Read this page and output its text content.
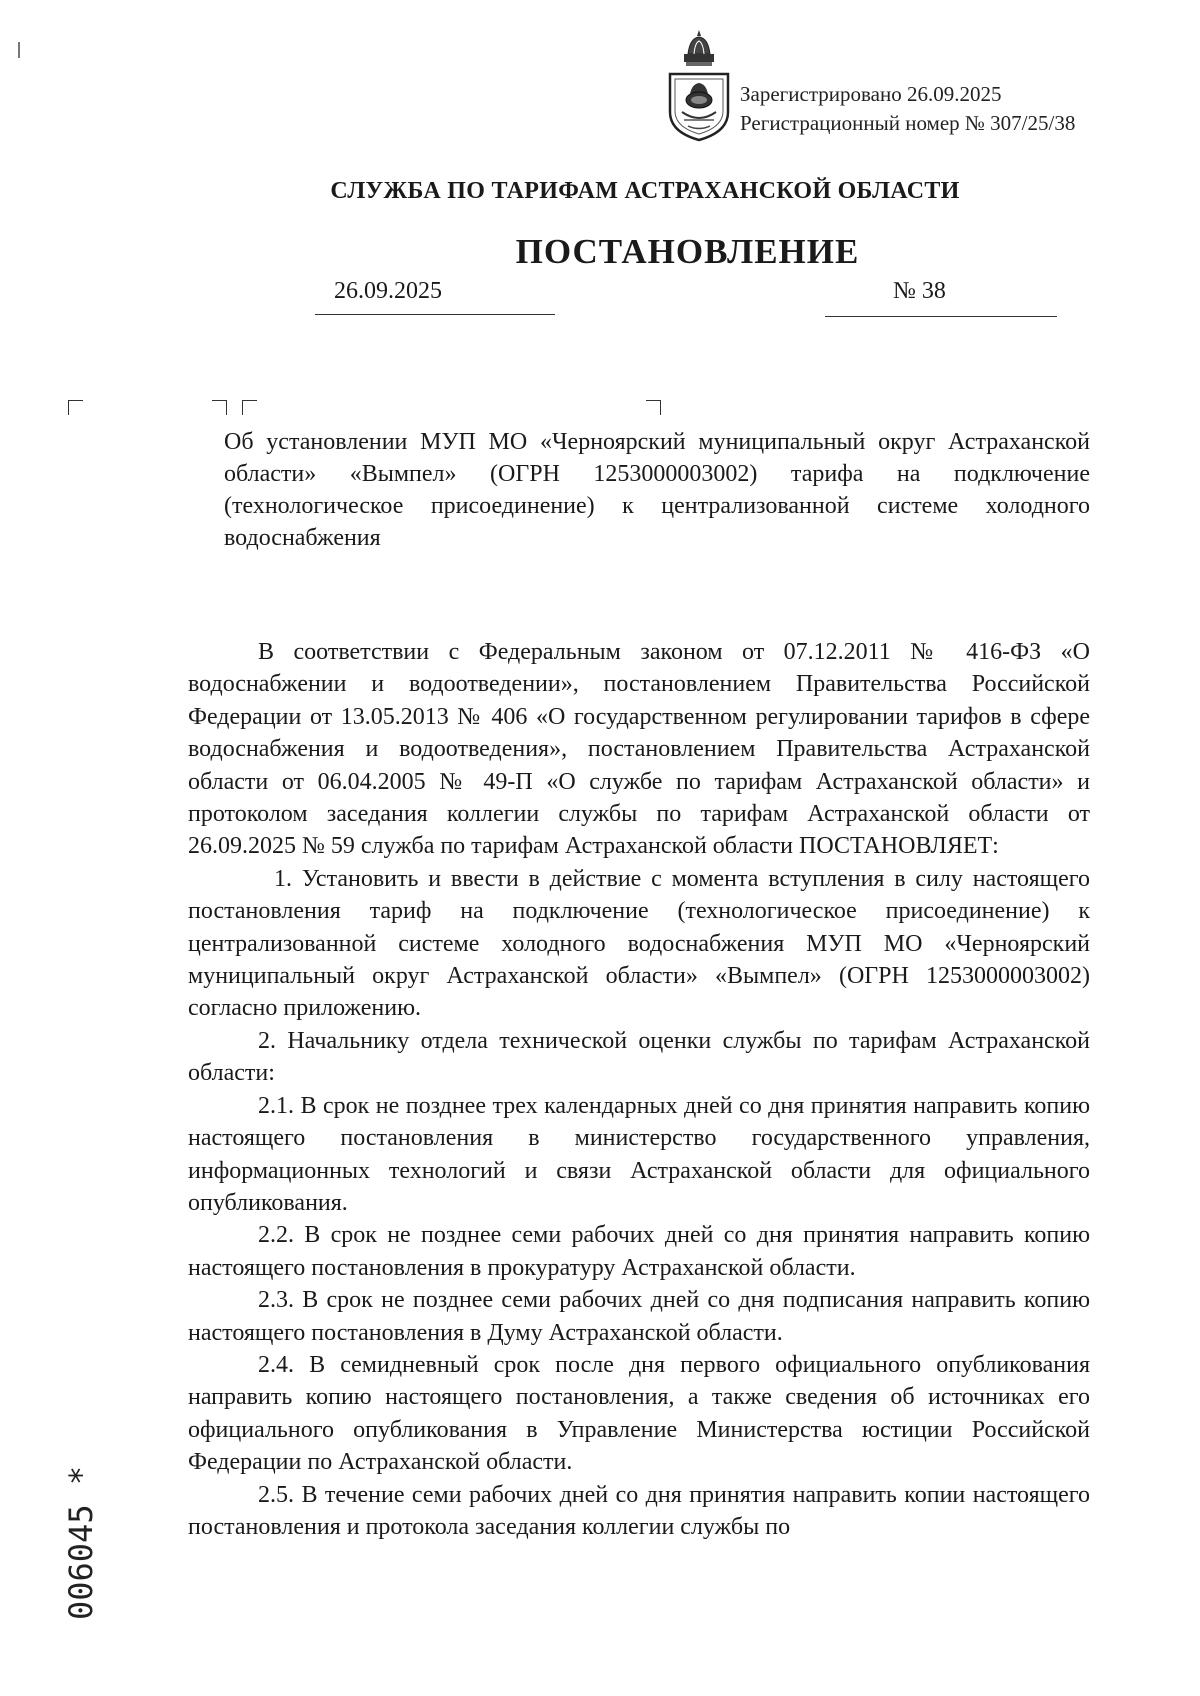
Зарегистрировано 26.09.2025
Регистрационный номер № 307/25/38
СЛУЖБА ПО ТАРИФАМ АСТРАХАНСКОЙ ОБЛАСТИ
ПОСТАНОВЛЕНИЕ
26.09.2025	№ 38
Об установлении МУП МО «Черноярский муниципальный округ Астраханской области» «Вымпел» (ОГРН 1253000003002) тарифа на подключение (технологическое присоединение) к централизованной системе холодного водоснабжения

В соответствии с Федеральным законом от 07.12.2011 № 416-ФЗ «О водоснабжении и водоотведении», постановлением Правительства Российской Федерации от 13.05.2013 № 406 «О государственном регулировании тарифов в сфере водоснабжения и водоотведения», постановлением Правительства Астраханской области от 06.04.2005 № 49-П «О службе по тарифам Астраханской области» и протоколом заседания коллегии службы по тарифам Астраханской области от 26.09.2025 № 59 служба по тарифам Астраханской области ПОСТАНОВЛЯЕТ:

1. Установить и ввести в действие с момента вступления в силу настоящего постановления тариф на подключение (технологическое присоединение) к централизованной системе холодного водоснабжения МУП МО «Черноярский муниципальный округ Астраханской области» «Вымпел» (ОГРН 1253000003002) согласно приложению.

2. Начальнику отдела технической оценки службы по тарифам Астраханской области:

2.1. В срок не позднее трех календарных дней со дня принятия направить копию настоящего постановления в министерство государственного управления, информационных технологий и связи Астраханской области для официального опубликования.

2.2. В срок не позднее семи рабочих дней со дня принятия направить копию настоящего постановления в прокуратуру Астраханской области.

2.3. В срок не позднее семи рабочих дней со дня подписания направить копию настоящего постановления в Думу Астраханской области.

2.4. В семидневный срок после дня первого официального опубликования направить копию настоящего постановления, а также сведения об источниках его официального опубликования в Управление Министерства юстиции Российской Федерации по Астраханской области.

2.5. В течение семи рабочих дней со дня принятия направить копии настоящего постановления и протокола заседания коллегии службы по

006045 *
